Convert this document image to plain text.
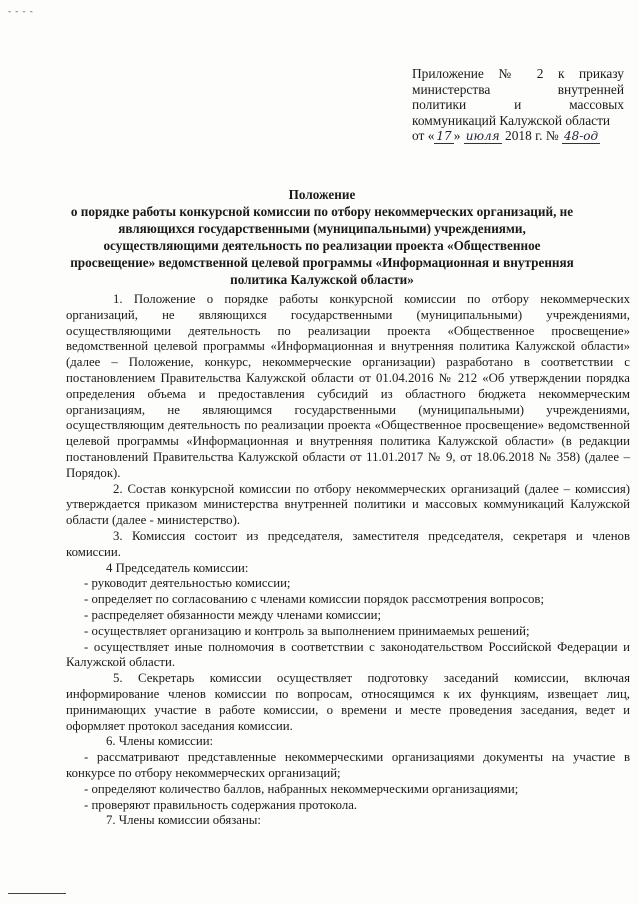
- - - -
Приложение № 2 к приказу
министерства внутренней
политики и массовых
коммуникаций Калужской области от « 17 » июля 2018 г. № 48-од
Положение
о порядке работы конкурсной комиссии по отбору некоммерческих организаций, не
являющихся государственными (муниципальными) учреждениями,
осуществляющими деятельность по реализации проекта «Общественное
просвещение» ведомственной целевой программы «Информационная и внутренняя
политика Калужской области»

1. Положение о порядке работы конкурсной комиссии по отбору некоммерческих организаций, не являющихся государственными (муниципальными) учреждениями, осуществляющими деятельность по реализации проекта «Общественное просвещение» ведомственной целевой программы «Информационная и внутренняя политика Калужской области» (далее – Положение, конкурс, некоммерческие организации) разработано в соответствии с постановлением Правительства Калужской области от 01.04.2016 № 212 «Об утверждении порядка определения объема и предоставления субсидий из областного бюджета некоммерческим организациям, не являющимся государственными (муниципальными) учреждениями, осуществляющим деятельность по реализации проекта «Общественное просвещение» ведомственной целевой программы «Информационная и внутренняя политика Калужской области» (в редакции постановлений Правительства Калужской области от 11.01.2017 № 9, от 18.06.2018 № 358) (далее – Порядок).

2. Состав конкурсной комиссии по отбору некоммерческих организаций (далее – комиссия) утверждается приказом министерства внутренней политики и массовых коммуникаций Калужской области (далее - министерство).

3. Комиссия состоит из председателя, заместителя председателя, секретаря и членов комиссии.

4 Председатель комиссии:

- руководит деятельностью комиссии;

- определяет по согласованию с членами комиссии порядок рассмотрения вопросов;

- распределяет обязанности между членами комиссии;

- осуществляет организацию и контроль за выполнением принимаемых решений;

- осуществляет иные полномочия в соответствии с законодательством Российской Федерации и Калужской области.

5. Секретарь комиссии осуществляет подготовку заседаний комиссии, включая информирование членов комиссии по вопросам, относящимся к их функциям, извещает лиц, принимающих участие в работе комиссии, о времени и месте проведения заседания, ведет и оформляет протокол заседания комиссии.

6. Члены комиссии:

- рассматривают представленные некоммерческими организациями документы на участие в конкурсе по отбору некоммерческих организаций;

- определяют количество баллов, набранных некоммерческими организациями;

- проверяют правильность содержания протокола.

7. Члены комиссии обязаны:
